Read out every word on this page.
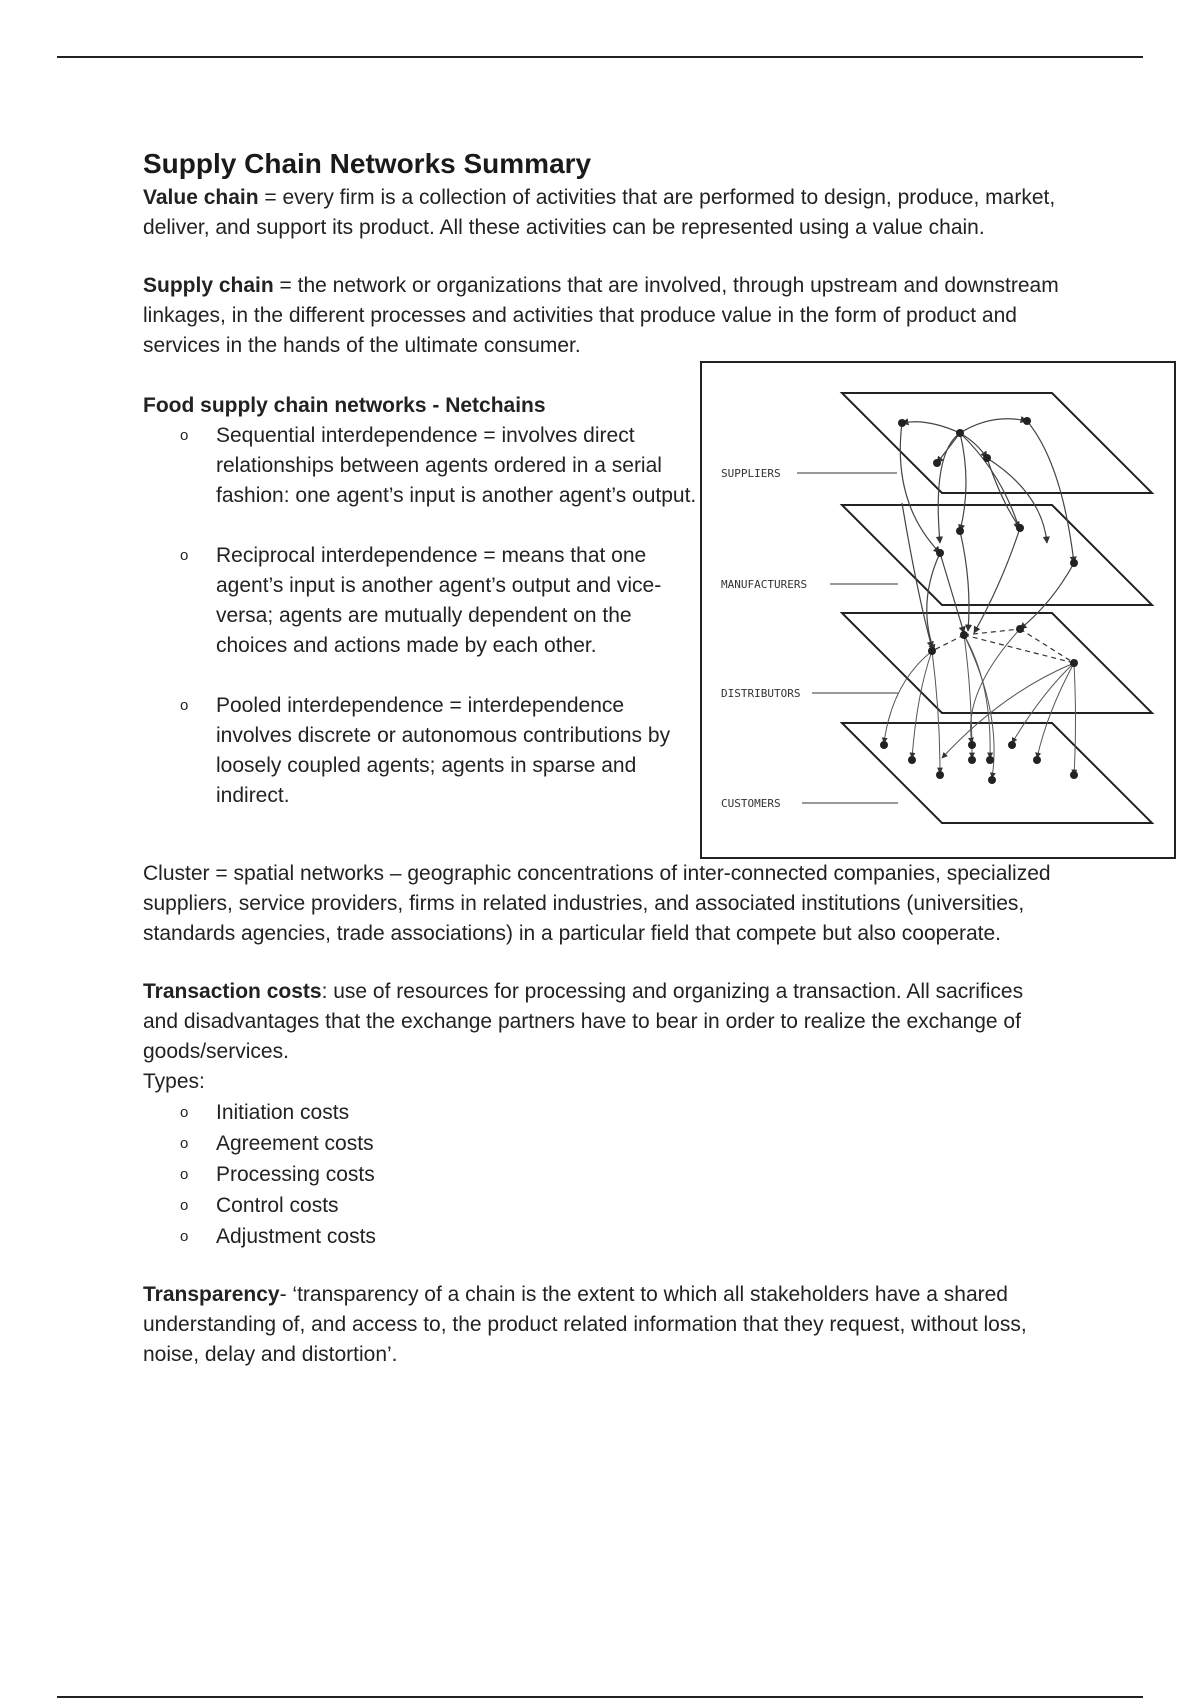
Supply Chain Networks Summary

Value chain = every firm is a collection of activities that are performed to design, produce, market, deliver, and support its product. All these activities can be represented using a value chain.

Supply chain = the network or organizations that are involved, through upstream and downstream linkages, in the different processes and activities that produce value in the form of product and services in the hands of the ultimate consumer.

Food supply chain networks - Netchains

o Sequential interdependence = involves direct relationships between agents ordered in a serial fashion: one agent’s input is another agent’s output.
o Reciprocal interdependence = means that one agent’s input is another agent’s output and vice-versa; agents are mutually dependent on the choices and actions made by each other.
o Pooled interdependence = interdependence involves discrete or autonomous contributions by loosely coupled agents; agents in sparse and indirect.
SUPPLIERS
MANUFACTURERS
DISTRIBUTORS
CUSTOMERS

Cluster = spatial networks – geographic concentrations of inter-connected companies, specialized suppliers, service providers, firms in related industries, and associated institutions (universities, standards agencies, trade associations) in a particular field that compete but also cooperate.

Transaction costs: use of resources for processing and organizing a transaction. All sacrifices and disadvantages that the exchange partners have to bear in order to realize the exchange of goods/services.

Types:

o Initiation costs
o Agreement costs
o Processing costs
o Control costs
o Adjustment costs

Transparency- ‘transparency of a chain is the extent to which all stakeholders have a shared understanding of, and access to, the product related information that they request, without loss, noise, delay and distortion’.
